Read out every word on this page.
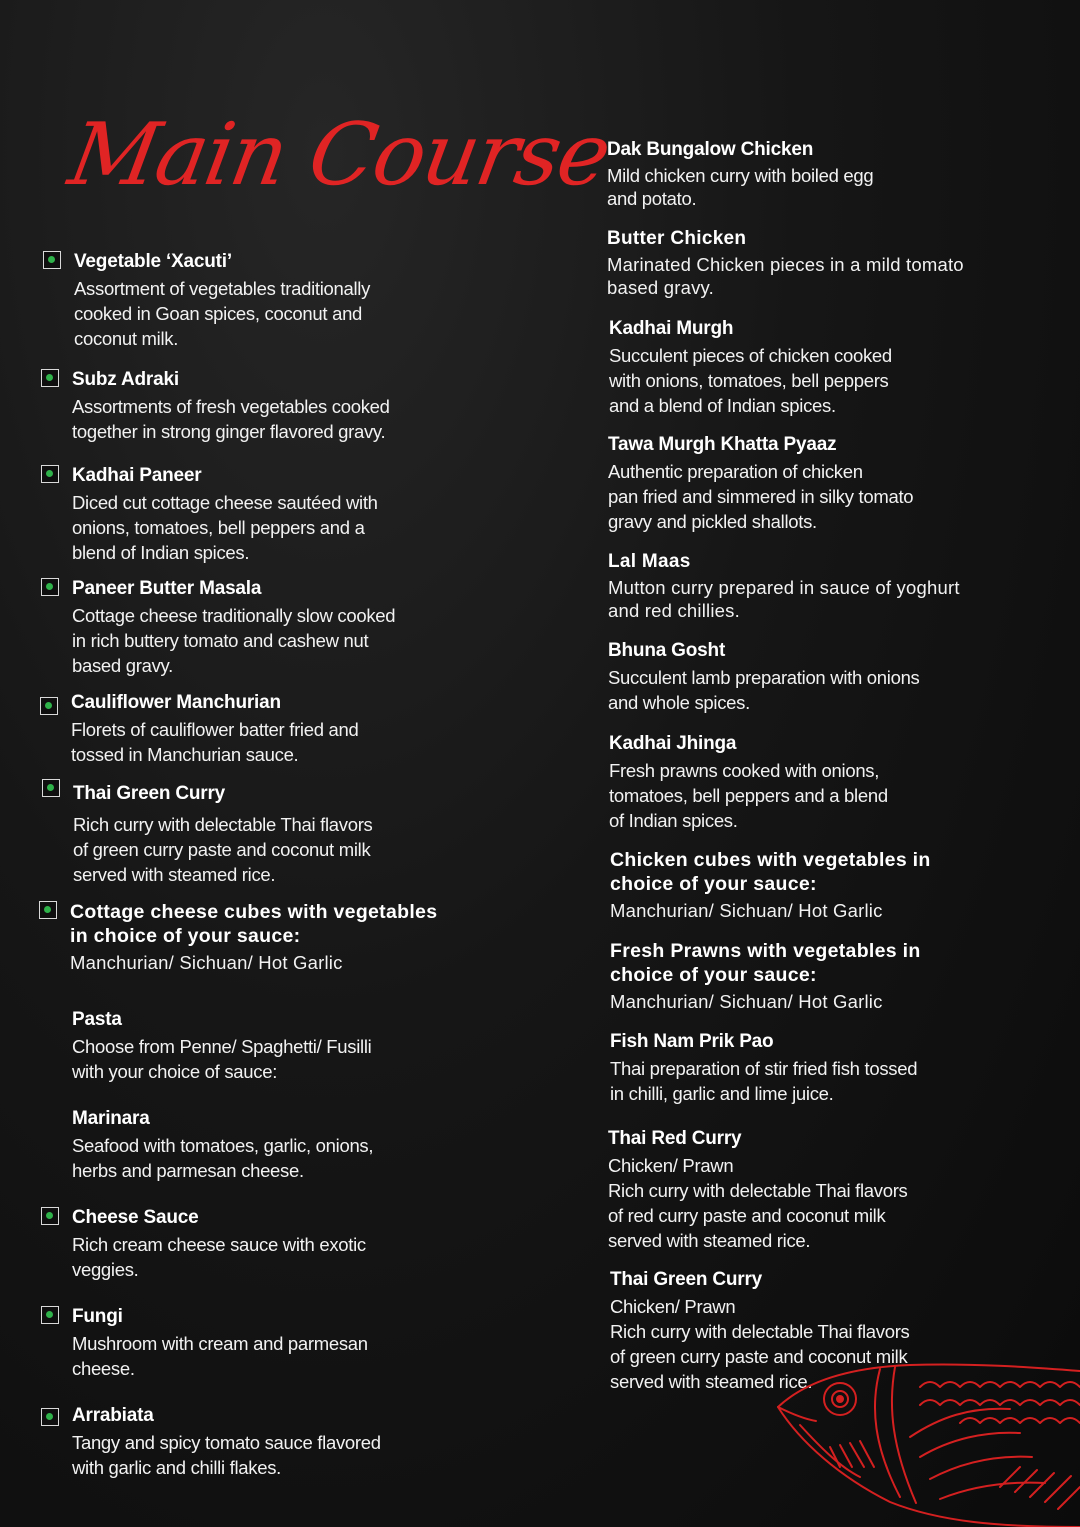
Main Course
Vegetable ‘Xacuti’

Assortment of vegetables traditionally
cooked in Goan spices, coconut and
coconut milk.

Subz Adraki

Assortments of fresh vegetables cooked
together in strong ginger flavored gravy.

Kadhai Paneer

Diced cut cottage cheese sautéed with
onions, tomatoes, bell peppers and a
blend of Indian spices.

Paneer Butter Masala

Cottage cheese traditionally slow cooked
in rich buttery tomato and cashew nut
based gravy.

Cauliflower Manchurian

Florets of cauliflower batter fried and
tossed in Manchurian sauce.

Thai Green Curry

Rich curry with delectable Thai flavors
of green curry paste and coconut milk
served with steamed rice.

Cottage cheese cubes with vegetables
in choice of your sauce:

Manchurian/ Sichuan/ Hot Garlic

Pasta

Choose from Penne/ Spaghetti/ Fusilli
with your choice of sauce:

Marinara

Seafood with tomatoes, garlic, onions,
herbs and parmesan cheese.

Cheese Sauce

Rich cream cheese sauce with exotic
veggies.

Fungi

Mushroom with cream and parmesan
cheese.

Arrabiata

Tangy and spicy tomato sauce flavored
with garlic and chilli flakes.

Dak Bungalow Chicken

Mild chicken curry with boiled egg
and potato.

Butter Chicken

Marinated Chicken pieces in a mild tomato
based gravy.

Kadhai Murgh

Succulent pieces of chicken cooked
with onions, tomatoes, bell peppers
and a blend of Indian spices.

Tawa Murgh Khatta Pyaaz

Authentic preparation of chicken
pan fried and simmered in silky tomato
gravy and pickled shallots.

Lal Maas

Mutton curry prepared in sauce of yoghurt
and red chillies.

Bhuna Gosht

Succulent lamb preparation with onions
and whole spices.

Kadhai Jhinga

Fresh prawns cooked with onions,
tomatoes, bell peppers and a blend
of Indian spices.

Chicken cubes with vegetables in
choice of your sauce:

Manchurian/ Sichuan/ Hot Garlic

Fresh Prawns with vegetables in
choice of your sauce:

Manchurian/ Sichuan/ Hot Garlic

Fish Nam Prik Pao

Thai preparation of stir fried fish tossed
in chilli, garlic and lime juice.

Thai Red Curry

Chicken/ Prawn
Rich curry with delectable Thai flavors
of red curry paste and coconut milk
served with steamed rice.

Thai Green Curry

Chicken/ Prawn
Rich curry with delectable Thai flavors
of green curry paste and coconut milk
served with steamed rice.
